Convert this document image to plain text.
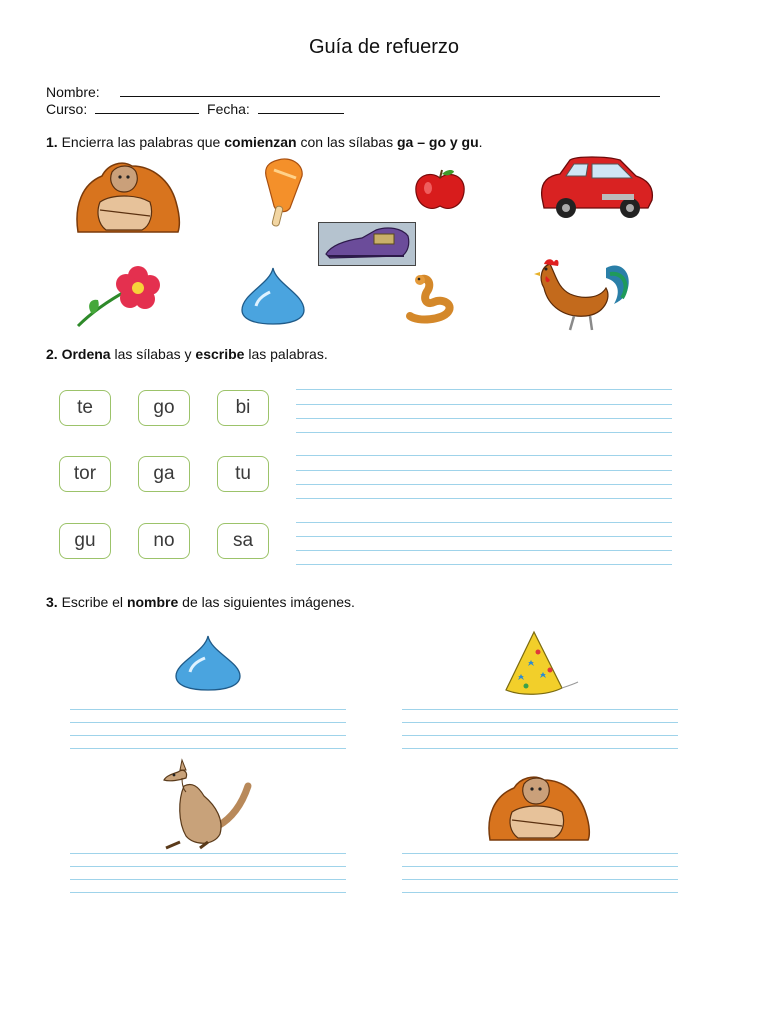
Guía de refuerzo
Nombre:
Curso:	Fecha:
1. Encierra las palabras que comienzan con las sílabas ga – go y gu.
2. Ordena las sílabas y escribe las palabras.
te	go	bi
tor	ga	tu
gu	no	sa
3. Escribe el nombre de las siguientes imágenes.
